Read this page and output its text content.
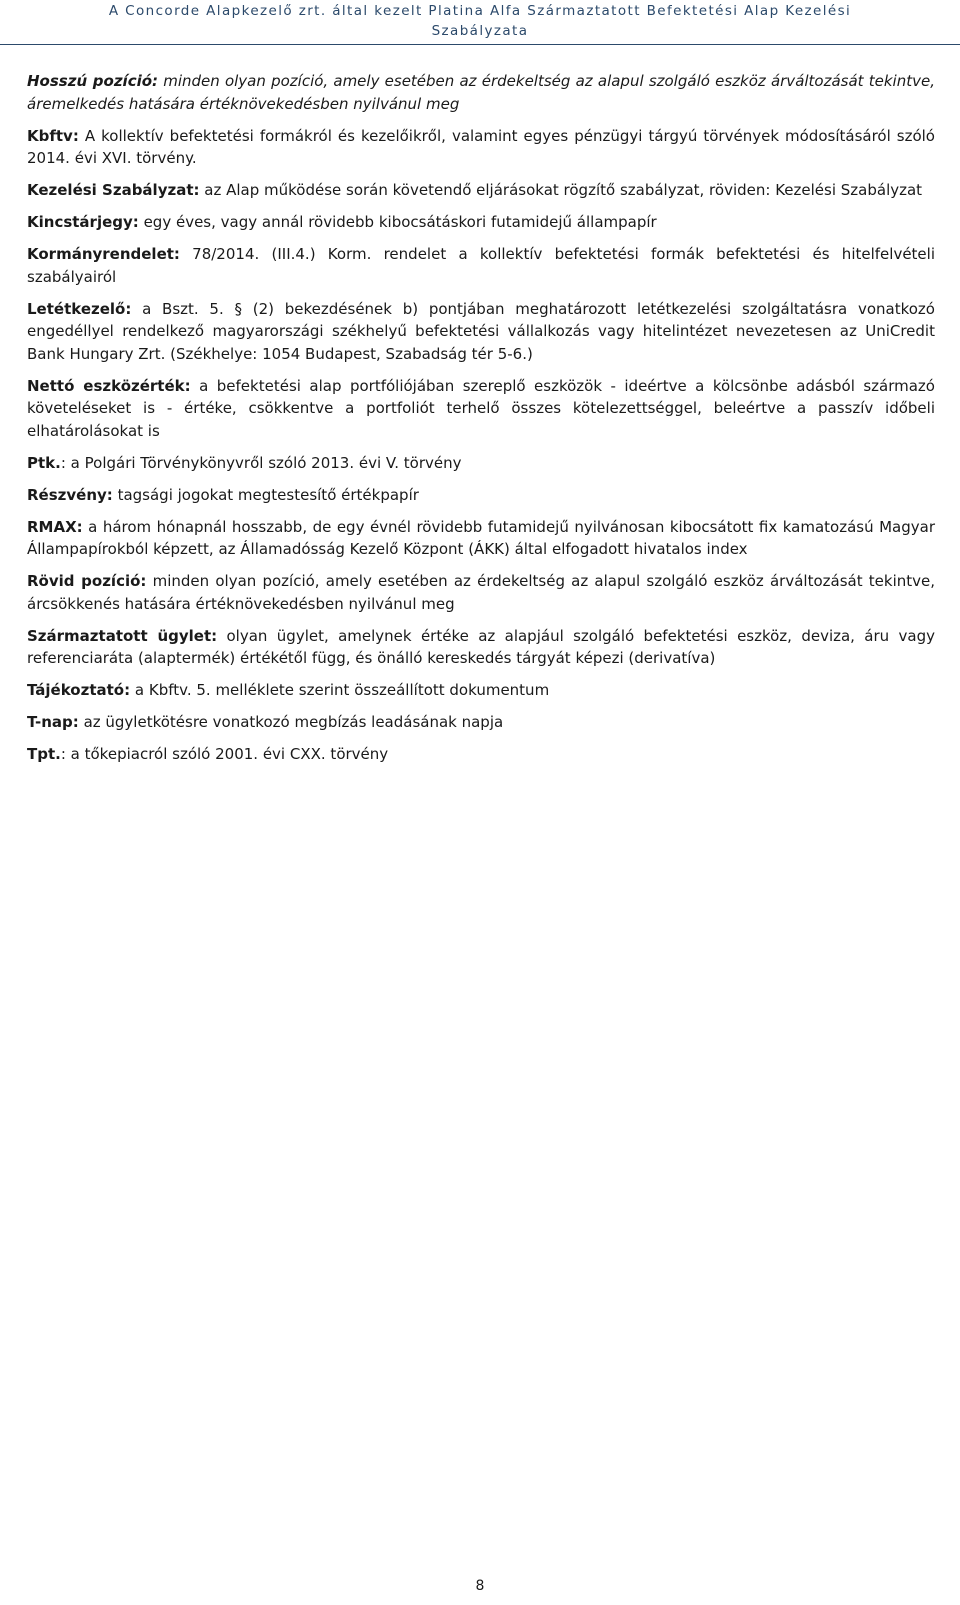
A Concorde Alapkezelő zrt. által kezelt Platina Alfa Származtatott Befektetési Alap Kezelési

Szabályzata

Hosszú pozíció: minden olyan pozíció, amely esetében az érdekeltség az alapul szolgáló eszköz árváltozását tekintve, áremelkedés hatására értéknövekedésben nyilvánul meg

Kbftv: A kollektív befektetési formákról és kezelőikről, valamint egyes pénzügyi tárgyú törvények módosításáról szóló 2014. évi XVI. törvény.

Kezelési Szabályzat: az Alap működése során követendő eljárásokat rögzítő szabályzat, röviden: Kezelési Szabályzat

Kincstárjegy: egy éves, vagy annál rövidebb kibocsátáskori futamidejű állampapír

Kormányrendelet: 78/2014. (III.4.) Korm. rendelet a kollektív befektetési formák befektetési és hitelfelvételi szabályairól

Letétkezelő: a Bszt. 5. § (2) bekezdésének b) pontjában meghatározott letétkezelési szolgáltatásra vonatkozó engedéllyel rendelkező magyarországi székhelyű befektetési vállalkozás vagy hitelintézet nevezetesen az UniCredit Bank Hungary Zrt. (Székhelye: 1054 Budapest, Szabadság tér 5-6.)

Nettó eszközérték: a befektetési alap portfóliójában szereplő eszközök - ideértve a kölcsönbe adásból származó követeléseket is - értéke, csökkentve a portfoliót terhelő összes kötelezettséggel, beleértve a passzív időbeli elhatárolásokat is

Ptk.: a Polgári Törvénykönyvről szóló 2013. évi V. törvény

Részvény: tagsági jogokat megtestesítő értékpapír

RMAX: a három hónapnál hosszabb, de egy évnél rövidebb futamidejű nyilvánosan kibocsátott fix kamatozású Magyar Állampapírokból képzett, az Államadósság Kezelő Központ (ÁKK) által elfogadott hivatalos index

Rövid pozíció: minden olyan pozíció, amely esetében az érdekeltség az alapul szolgáló eszköz árváltozását tekintve, árcsökkenés hatására értéknövekedésben nyilvánul meg

Származtatott ügylet: olyan ügylet, amelynek értéke az alapjául szolgáló befektetési eszköz, deviza, áru vagy referenciaráta (alaptermék) értékétől függ, és önálló kereskedés tárgyát képezi (derivatíva)

Tájékoztató: a Kbftv. 5. melléklete szerint összeállított dokumentum

T-nap: az ügyletkötésre vonatkozó megbízás leadásának napja

Tpt.: a tőkepiacról szóló 2001. évi CXX. törvény

8
